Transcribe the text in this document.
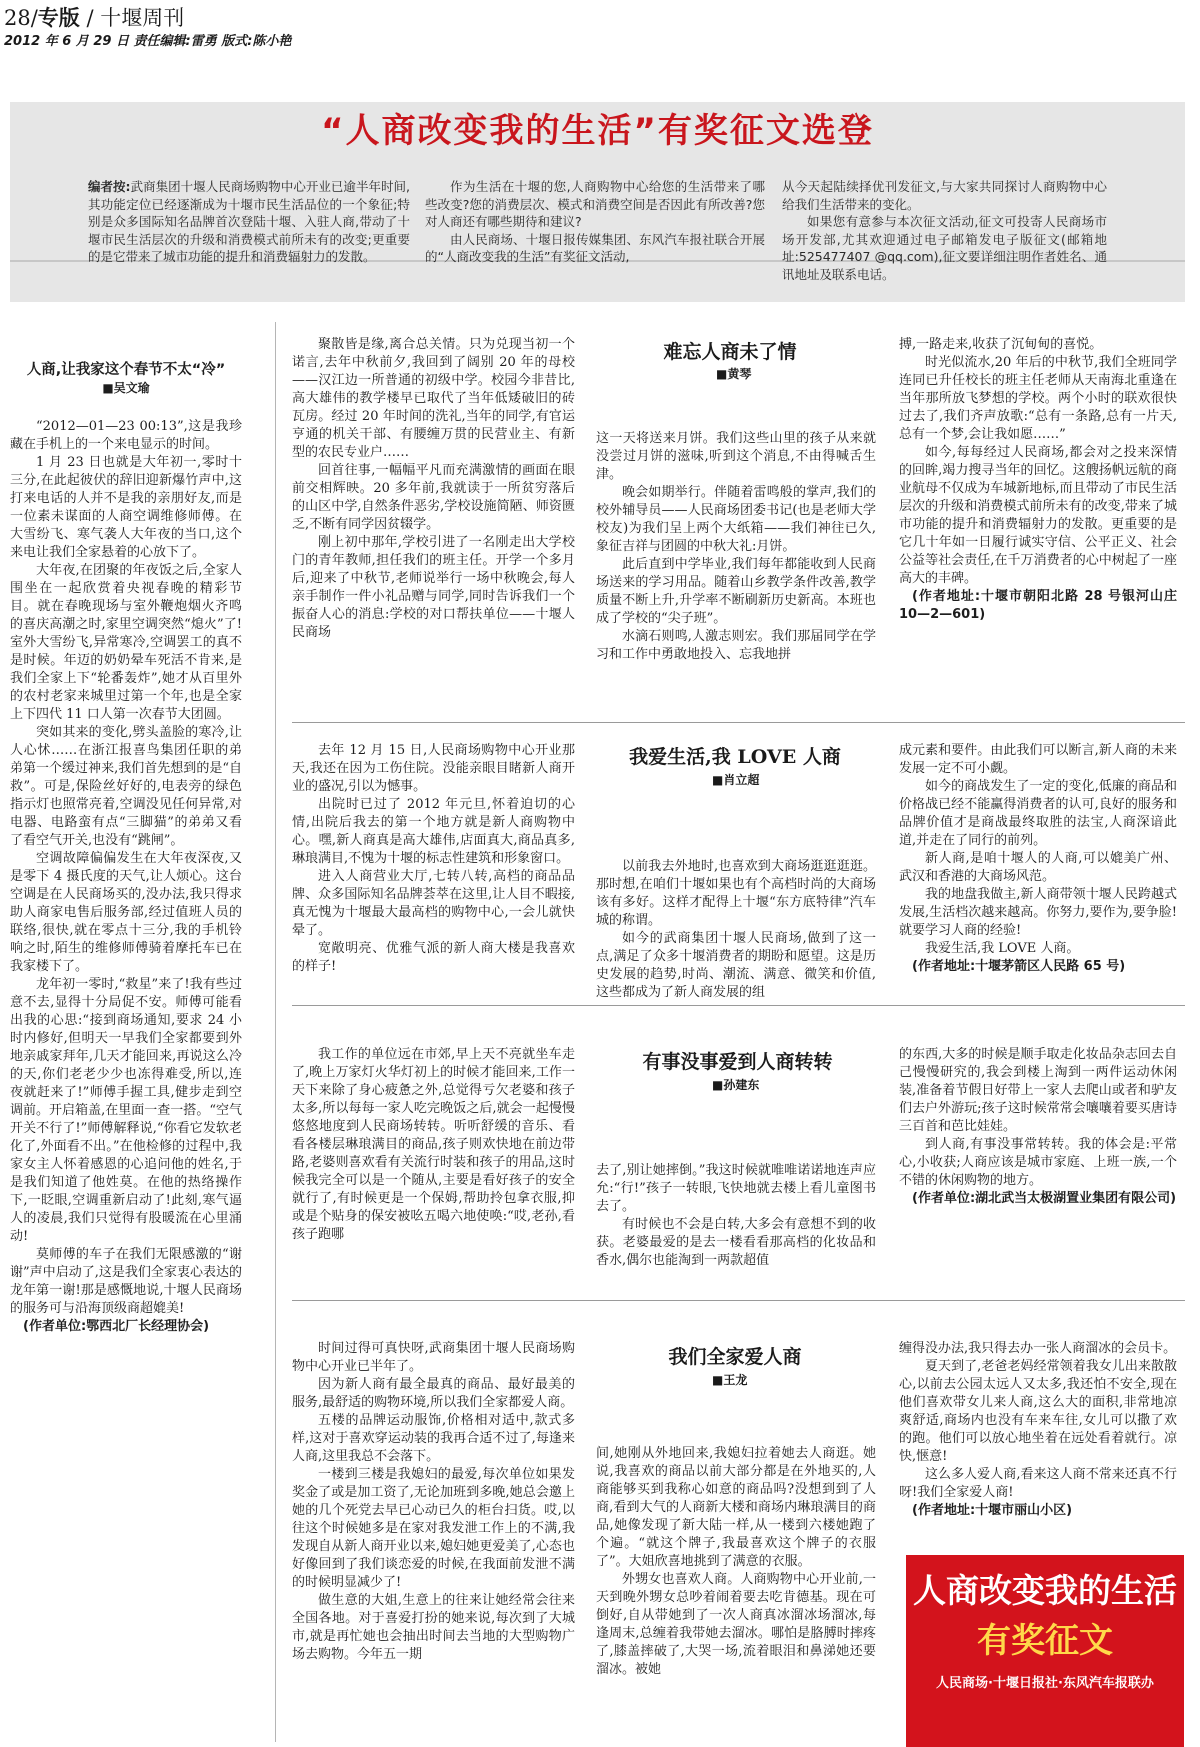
28/专版 / 十堰周刊
2012 年 6 月 29 日 责任编辑:雷勇 版式:陈小艳
“人商改变我的生活”有奖征文选登
编者按:武商集团十堰人民商场购物中心开业已逾半年时间,其功能定位已经逐渐成为十堰市民生活品位的一个象征;特别是众多国际知名品牌首次登陆十堰、入驻人商,带动了十堰市民生活层次的升级和消费模式前所未有的改变;更重要的是它带来了城市功能的提升和消费辐射力的发散。
作为生活在十堰的您,人商购物中心给您的生活带来了哪些改变?您的消费层次、模式和消费空间是否因此有所改善?您对人商还有哪些期待和建议?
由人民商场、十堰日报传媒集团、东风汽车报社联合开展的“人商改变我的生活”有奖征文活动,
从今天起陆续择优刊发征文,与大家共同探讨人商购物中心给我们生活带来的变化。
如果您有意参与本次征文活动,征文可投寄人民商场市场开发部,尤其欢迎通过电子邮箱发电子版征文(邮箱地址:525477407 @qq.com),征文要详细注明作者姓名、通讯地址及联系电话。
人商,让我家这个春节不太“冷”
■吴文瑜

“2012—01—23 00:13”,这是我珍藏在手机上的一个来电显示的时间。

1 月 23 日也就是大年初一,零时十三分,在此起彼伏的辞旧迎新爆竹声中,这打来电话的人并不是我的亲朋好友,而是一位素未谋面的人商空调维修师傅。在大雪纷飞、寒气袭人大年夜的当口,这个来电让我们全家悬着的心放下了。

大年夜,在团聚的年夜饭之后,全家人围坐在一起欣赏着央视春晚的精彩节目。就在春晚现场与室外鞭炮烟火齐鸣的喜庆高潮之时,家里空调突然“熄火”了!室外大雪纷飞,异常寒冷,空调罢工的真不是时候。年迈的奶奶晕车死活不肯来,是我们全家上下“轮番轰炸”,她才从百里外的农村老家来城里过第一个年,也是全家上下四代 11 口人第一次春节大团圆。

突如其来的变化,劈头盖脸的寒冷,让人心怵……在浙江报喜鸟集团任职的弟弟第一个缓过神来,我们首先想到的是“自救”。可是,保险丝好好的,电表旁的绿色指示灯也照常亮着,空调没见任何异常,对电器、电路蛮有点“三脚猫”的弟弟又看了看空气开关,也没有“跳闸”。

空调故障偏偏发生在大年夜深夜,又是零下 4 摄氏度的天气,让人烦心。这台空调是在人民商场买的,没办法,我只得求助人商家电售后服务部,经过值班人员的联络,很快,就在零点十三分,我的手机铃响之时,陌生的维修师傅骑着摩托车已在我家楼下了。

龙年初一零时,“救星”来了!我有些过意不去,显得十分局促不安。师傅可能看出我的心思:“接到商场通知,要求 24 小时内修好,但明天一早我们全家都要到外地亲戚家拜年,几天才能回来,再说这么冷的天,你们老老少少也冻得难受,所以,连夜就赶来了!”师傅手握工具,健步走到空调前。开启箱盖,在里面一查一搭。“空气开关不行了!”师傅解释说,“你看它发软老化了,外面看不出。”在他检修的过程中,我家女主人怀着感恩的心追问他的姓名,于是我们知道了他姓莫。在他的热络操作下,一眨眼,空调重新启动了!此刻,寒气逼人的凌晨,我们只觉得有股暖流在心里涌动!

莫师傅的车子在我们无限感激的“谢谢”声中启动了,这是我们全家衷心表达的龙年第一谢!那是感慨地说,十堰人民商场的服务可与沿海顶级商超媲美!

(作者单位:鄂西北厂长经理协会)

难忘人商未了情
■黄琴

聚散皆是缘,离合总关情。只为兑现当初一个诺言,去年中秋前夕,我回到了阔别 20 年的母校——汉江边一所普通的初级中学。校园今非昔比,高大雄伟的教学楼早已取代了当年低矮破旧的砖瓦房。经过 20 年时间的洗礼,当年的同学,有官运亨通的机关干部、有腰缠万贯的民营业主、有新型的农民专业户……

回首往事,一幅幅平凡而充满激情的画面在眼前交相辉映。20 多年前,我就读于一所贫穷落后的山区中学,自然条件恶劣,学校设施简陋、师资匮乏,不断有同学因贫辍学。

刚上初中那年,学校引进了一名刚走出大学校门的青年教师,担任我们的班主任。开学一个多月后,迎来了中秋节,老师说举行一场中秋晚会,每人亲手制作一件小礼品赠与同学,同时告诉我们一个振奋人心的消息:学校的对口帮扶单位——十堰人民商场

这一天将送来月饼。我们这些山里的孩子从来就没尝过月饼的滋味,听到这个消息,不由得喊舌生津。

晚会如期举行。伴随着雷鸣般的掌声,我们的校外辅导员——人民商场团委书记(也是老师大学校友)为我们呈上两个大纸箱——我们神往已久,象征吉祥与团圆的中秋大礼:月饼。

此后直到中学毕业,我们每年都能收到人民商场送来的学习用品。随着山乡教学条件改善,教学质量不断上升,升学率不断刷新历史新高。本班也成了学校的“尖子班”。

水滴石则鸣,人激志则宏。我们那届同学在学习和工作中勇敢地投入、忘我地拼

搏,一路走来,收获了沉甸甸的喜悦。

时光似流水,20 年后的中秋节,我们全班同学连同已升任校长的班主任老师从天南海北重逢在当年那所放飞梦想的学校。两个小时的联欢很快过去了,我们齐声放歌:“总有一条路,总有一片天,总有一个梦,会让我如愿……”

如今,每每经过人民商场,都会对之投来深情的回眸,竭力搜寻当年的回忆。这艘扬帆远航的商业航母不仅成为车城新地标,而且带动了市民生活层次的升级和消费模式前所未有的改变,带来了城市功能的提升和消费辐射力的发散。更重要的是它几十年如一日履行诚实守信、公平正义、社会公益等社会责任,在千万消费者的心中树起了一座高大的丰碑。

(作者地址:十堰市朝阳北路 28 号银河山庄 10—2—601)

我爱生活,我 LOVE 人商
■肖立超

去年 12 月 15 日,人民商场购物中心开业那天,我还在因为工伤住院。没能亲眼目睹新人商开业的盛况,引以为憾事。

出院时已过了 2012 年元旦,怀着迫切的心情,出院后我去的第一个地方就是新人商购物中心。嘿,新人商真是高大雄伟,店面真大,商品真多,琳琅满目,不愧为十堰的标志性建筑和形象窗口。

进入人商营业大厅,七转八转,高档的商品品牌、众多国际知名品牌荟萃在这里,让人目不暇接,真无愧为十堰最大最高档的购物中心,一会儿就快晕了。

宽敞明亮、优雅气派的新人商大楼是我喜欢的样子!

以前我去外地时,也喜欢到大商场逛逛逛逛。那时想,在咱们十堰如果也有个高档时尚的大商场该有多好。这样才配得上十堰“东方底特律”汽车城的称谓。

如今的武商集团十堰人民商场,做到了这一点,满足了众多十堰消费者的期盼和愿望。这是历史发展的趋势,时尚、潮流、满意、微笑和价值,这些都成为了新人商发展的组

成元素和要件。由此我们可以断言,新人商的未来发展一定不可小觑。

如今的商战发生了一定的变化,低廉的商品和价格战已经不能赢得消费者的认可,良好的服务和品牌价值才是商战最终取胜的法宝,人商深谙此道,并走在了同行的前列。

新人商,是咱十堰人的人商,可以媲美广州、武汉和香港的大商场风范。

我的地盘我做主,新人商带领十堰人民跨越式发展,生活档次越来越高。你努力,要作为,要争脸!就要学习人商的经验!

我爱生活,我 LOVE 人商。

(作者地址:十堰茅箭区人民路 65 号)

有事没事爱到人商转转
■孙建东

我工作的单位远在市郊,早上天不亮就坐车走了,晚上万家灯火华灯初上的时候才能回来,工作一天下来除了身心疲惫之外,总觉得亏欠老婆和孩子太多,所以每每一家人吃完晚饭之后,就会一起慢慢悠悠地度到人民商场转转。听听舒缓的音乐、看看各楼层琳琅满目的商品,孩子则欢快地在前边带路,老婆则喜欢看有关流行时装和孩子的用品,这时候我完全可以是一个随从,主要是看好孩子的安全就行了,有时候更是一个保姆,帮助拎包拿衣服,抑或是个贴身的保安被吆五喝六地使唤:“哎,老孙,看孩子跑哪

去了,别让她摔倒。”我这时候就唯唯诺诺地连声应允:“行!”孩子一转眼,飞快地就去楼上看儿童图书去了。

有时候也不会是白转,大多会有意想不到的收获。老婆最爱的是去一楼看看那高档的化妆品和香水,偶尔也能淘到一两款超值

的东西,大多的时候是顺手取走化妆品杂志回去自己慢慢研究的,我会到楼上淘到一两件运动休闲装,准备着节假日好带上一家人去爬山或者和驴友们去户外游玩;孩子这时候常常会嚷嚷着要买唐诗三百首和芭比娃娃。

到人商,有事没事常转转。我的体会是:平常心,小收获;人商应该是城市家庭、上班一族,一个不错的休闲购物的地方。

(作者单位:湖北武当太极湖置业集团有限公司)

我们全家爱人商
■王龙

时间过得可真快呀,武商集团十堰人民商场购物中心开业已半年了。

因为新人商有最全最真的商品、最好最美的服务,最舒适的购物环境,所以我们全家都爱人商。

五楼的品牌运动服饰,价格相对适中,款式多样,这对于喜欢穿运动装的我再合适不过了,每逢来人商,这里我总不会落下。

一楼到三楼是我媳妇的最爱,每次单位如果发奖金了或是加工资了,无论加班到多晚,她总会邀上她的几个死党去早已心动已久的柜台扫货。哎,以往这个时候她多是在家对我发泄工作上的不满,我发现自从新人商开业以来,媳妇她更爱美了,心态也好像回到了我们谈恋爱的时候,在我面前发泄不满的时候明显减少了!

做生意的大姐,生意上的往来让她经常会往来全国各地。对于喜爱打扮的她来说,每次到了大城市,就是再忙她也会抽出时间去当地的大型购物广场去购物。今年五一期

间,她刚从外地回来,我媳妇拉着她去人商逛。她说,我喜欢的商品以前大部分都是在外地买的,人商能够买到我称心如意的商品吗?没想到到了人商,看到大气的人商新大楼和商场内琳琅满目的商品,她像发现了新大陆一样,从一楼到六楼她跑了个遍。“就这个牌子,我最喜欢这个牌子的衣服了”。大姐欣喜地挑到了满意的衣服。

外甥女也喜欢人商。人商购物中心开业前,一天到晚外甥女总吵着闹着要去吃肯德基。现在可倒好,自从带她到了一次人商真冰溜冰场溜冰,每逢周末,总缠着我带她去溜冰。哪怕是胳膊时摔疼了,膝盖摔破了,大哭一场,流着眼泪和鼻涕她还要溜冰。被她

缠得没办法,我只得去办一张人商溜冰的会员卡。

夏天到了,老爸老妈经常领着我女儿出来散散心,以前去公园太远人又太多,我还怕不安全,现在他们喜欢带女儿来人商,这么大的面积,非常地凉爽舒适,商场内也没有车来车往,女儿可以撒了欢的跑。他们可以放心地坐着在远处看着就行。凉快,惬意!

这么多人爱人商,看来这人商不常来还真不行呀!我们全家爱人商!

(作者地址:十堰市丽山小区)

人商改变我的生活
有奖征文
人民商场·十堰日报社·东风汽车报联办
